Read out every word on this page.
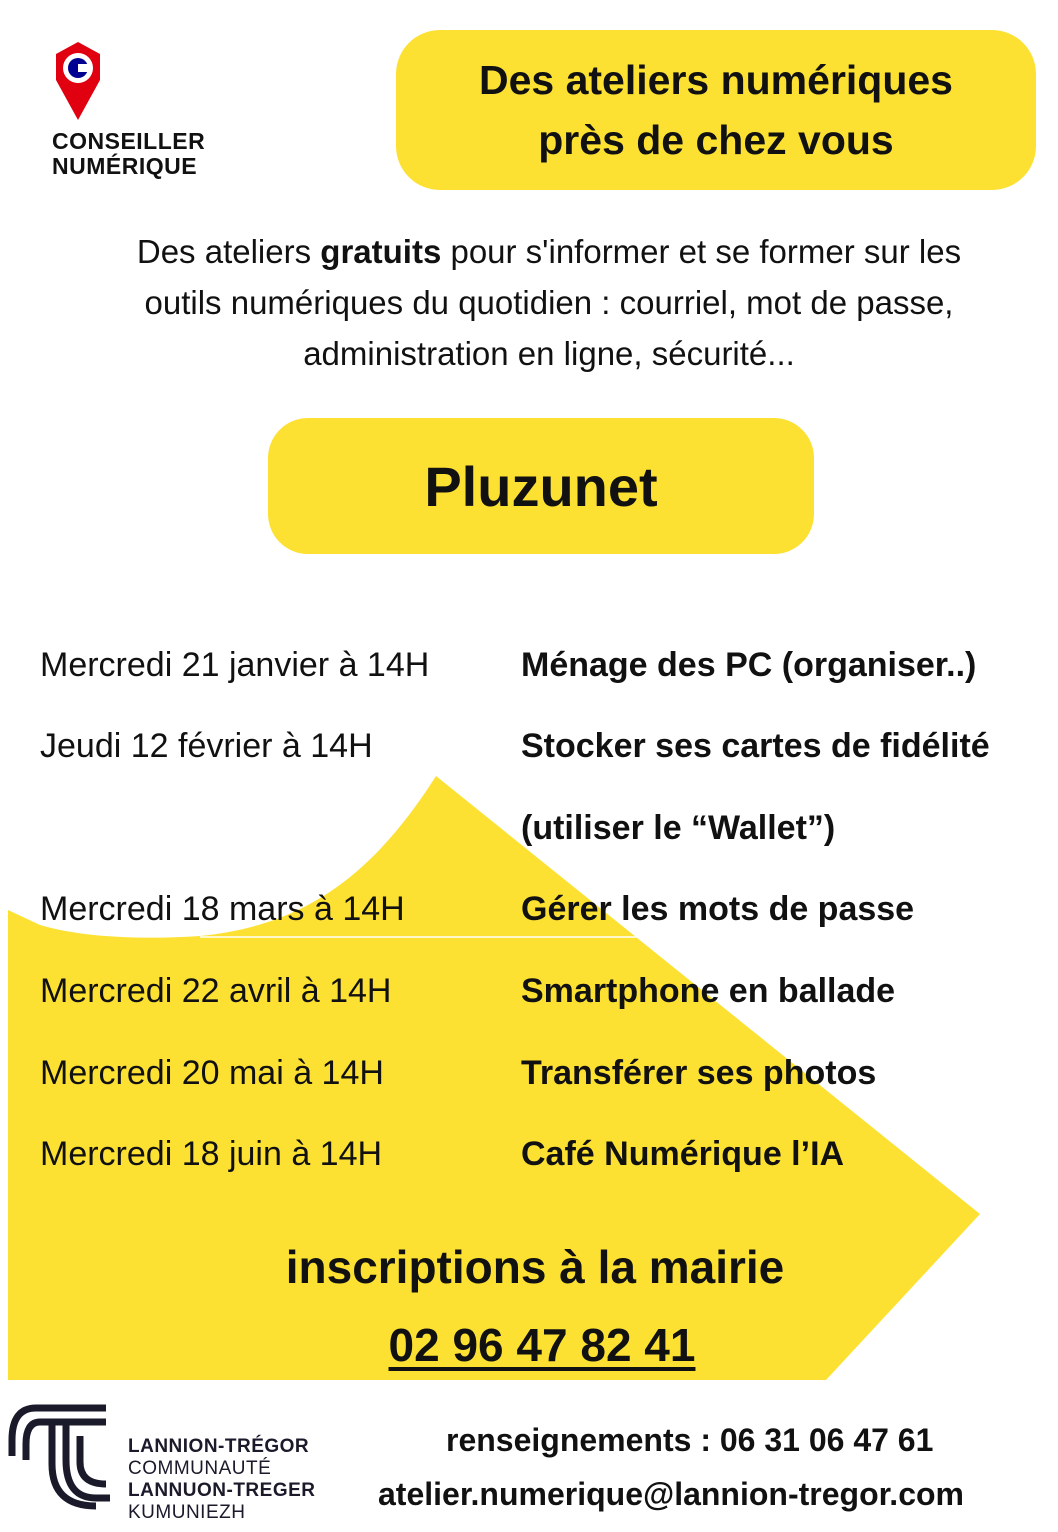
CONSEILLER
NUMÉRIQUE
Des ateliers numériques
près de chez vous
Des ateliers gratuits pour s'informer et se former sur les
outils numériques du quotidien : courriel, mot de passe,
administration en ligne, sécurité...
Pluzunet
Mercredi 21 janvier à 14H	Ménage des PC (organiser..)
Jeudi 12 février à 14H	Stocker ses cartes de fidélité
(utiliser le “Wallet”)
Mercredi 18 mars à 14H	Gérer les mots de passe
Mercredi 22 avril à 14H	Smartphone en ballade
Mercredi 20 mai à 14H	Transférer ses photos
Mercredi 18 juin à 14H	Café Numérique l’IA
inscriptions à la mairie
02 96 47 82 41
LANNION-TRÉGOR
COMMUNAUTÉ
LANNUON-TREGER
KUMUNIEZH
renseignements : 06 31 06 47 61
atelier.numerique@lannion-tregor.com
